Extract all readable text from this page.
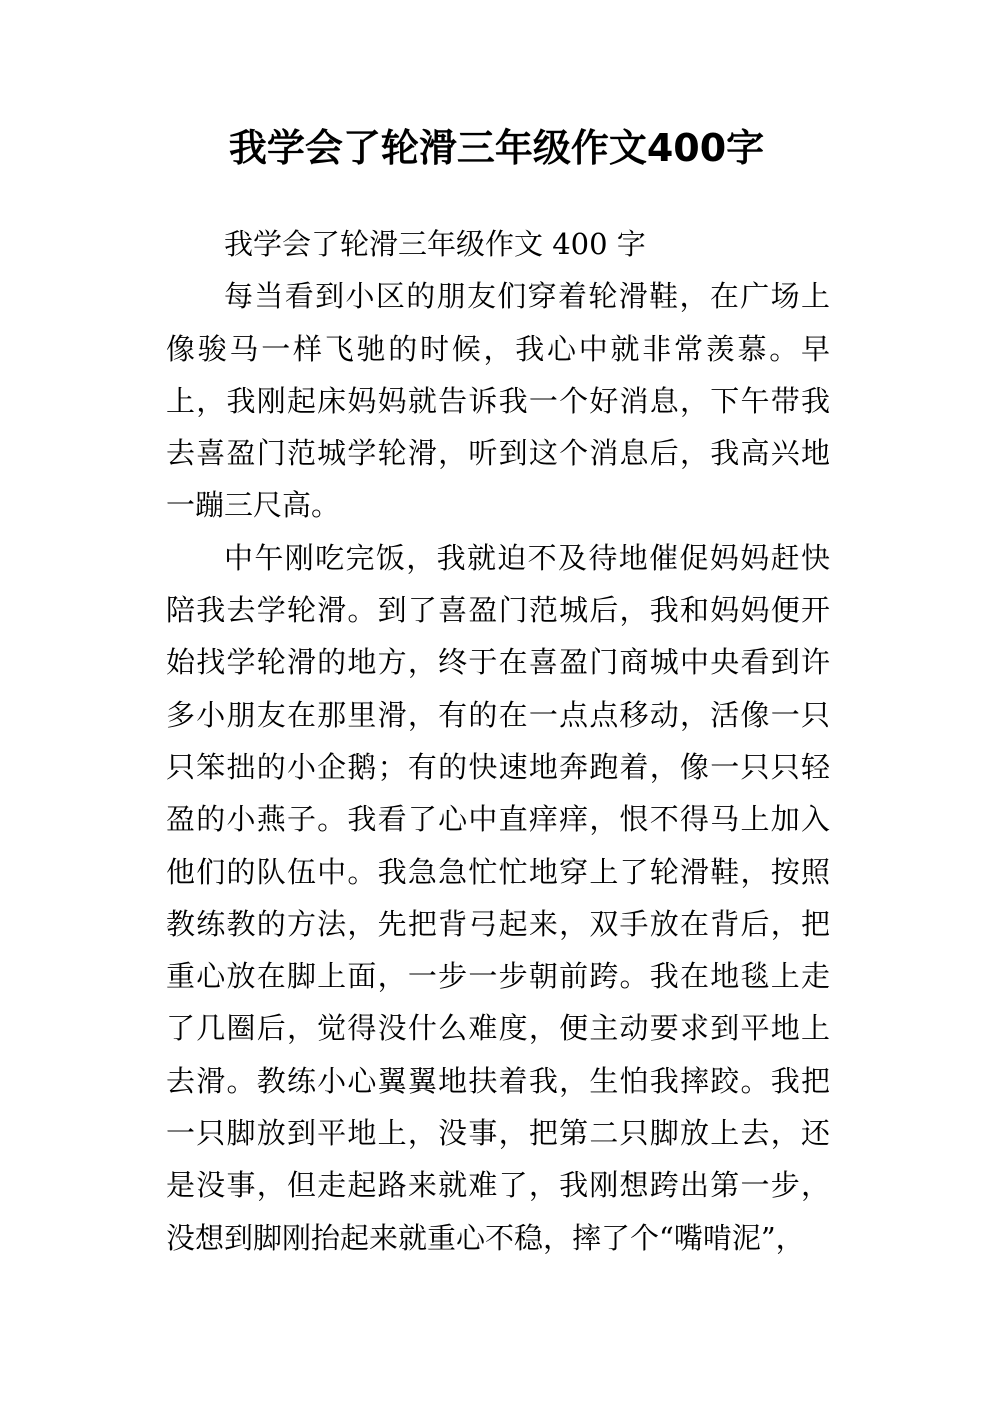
我学会了轮滑三年级作文400字

我学会了轮滑三年级作文 400 字

每当看到小区的朋友们穿着轮滑鞋，在广场上像骏马一样飞驰的时候，我心中就非常羡慕。早上，我刚起床妈妈就告诉我一个好消息，下午带我去喜盈门范城学轮滑，听到这个消息后，我高兴地一蹦三尺高。

中午刚吃完饭，我就迫不及待地催促妈妈赶快陪我去学轮滑。到了喜盈门范城后，我和妈妈便开始找学轮滑的地方，终于在喜盈门商城中央看到许多小朋友在那里滑，有的在一点点移动，活像一只只笨拙的小企鹅；有的快速地奔跑着，像一只只轻盈的小燕子。我看了心中直痒痒，恨不得马上加入他们的队伍中。我急急忙忙地穿上了轮滑鞋，按照教练教的方法，先把背弓起来，双手放在背后，把重心放在脚上面，一步一步朝前跨。我在地毯上走了几圈后，觉得没什么难度，便主动要求到平地上去滑。教练小心翼翼地扶着我，生怕我摔跤。我把一只脚放到平地上，没事，把第二只脚放上去，还是没事，但走起路来就难了，我刚想跨出第一步，没想到脚刚抬起来就重心不稳，摔了个“嘴啃泥”，
